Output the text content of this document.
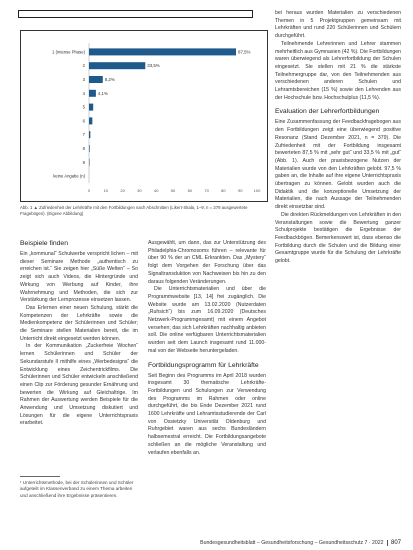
1 (intense Phase)	87,5%
2	33,5%
3	8,2%
4	4,1%
5
6
7
8
9
keine Angabe (n)
0	10	20	30	40	50	60	70	80	90	100
Abb. 1 ▲ Zufriedenheit der Lehrkräfte mit den Fortbildungen nach Abschnitten (Likert-Skala, 1–9; n = 379 ausgewertete Fragebögen). (Eigene Abbildung)
Beispiele finden

Ein „kommunal“ Schulwerbe verspricht lichen – mit dieser Seminare Methode „authentisch zu erreichen ist.“ Sie zeigen hier „Süße Welten“ – So zeigt sich auch Videos, die Hintergründe und Wirkung von Werbung auf Kinder, ihre Wahrnehmung und Methoden, die sich zur Verstärkung der Lernprozesse einsetzen lassen.

Das Erlernen einer neuen Schulung, stärkt die Kompetenzen der Lehrkräfte sowie die Medienkompetenz der Schülerinnen und Schüler; die Seminare stellen Materialien bereit, die im Unterricht direkt eingesetzt werden können.

In der Kommunikation „Zuckerfreie Wochen“ lernen Schülerinnen und Schüler der Sekundarstufe II mithilfe eines „Werbedesigns“ die Entwicklung eines Zeichentrickfilms. Die Schülerinnen und Schüler entwickeln anschließend einen Clip zur Förderung gesunder Ernährung und bewerten die Wirkung auf Gleichaltrige. Im Rahmen der Auswertung werden Beispiele für die Anwendung und Umsetzung diskutiert und Lösungen für die eigene Unterrichtspraxis erarbeitet.

¹ Unterrichtsmethode, bei der Schülerinnen und Schüler aufgeteilt im Klassenverband zu einem Thema arbeiten und anschließend ihre Ergebnisse präsentieren.

Ausgewählt, um dann, das zur Unterstützung des Philadelphia-Chromosoms führen – relevante für über 90 % der an CML Erkrankten. Das „Mystery“ folgt dem Vorgehen der Forschung über das Signaltransduktion von Nachweisen bis hin zu den daraus folgenden Veränderungen.

Die Unterrichtsmaterialien und über die Programmwebsite [13, 14] frei zugänglich. Die Website wurde am 13.02.2020 (Nutzerdaten „Ruhsich“) bis zum 16.09.2020 (Deutsches Netzwerk-Programmgesamt) mit einem Angebot versehen; das sich Lehrkräften nachhaltig anbieten soll. Die online verfügbaren Unterrichtsmaterialien wurden seit dem Launch insgesamt rund 11.000-mal von der Webseite heruntergeladen.

Fortbildungsprogramm für Lehrkräfte

Seit Beginn des Programms im April 2018 wurden insgesamt 30 thematische Lehrkräfte-Fortbildungen und Schulungen zur Verwendung des Programms im Rahmen oder online durchgeführt, die bis Ende Dezember 2021 rund 1600 Lehrkräfte und Lehramtsstudierende der Carl von Ossietzky Universität Oldenburg und Ruhrgebiet waren aus sechs Bundesländern halbsemestral erreicht. Die Fortbildungsangebote schließen an die mögliche Veranstaltung und verlaufen ebenfalls an.

bei heraus wurden Materialien zu verschiedenen Themen in 5 Projektgruppen gemeinsam mit Lehrkräften und rund 220 Schülerinnen und Schülern durchgeführt.

Teilnehmende Lehrerinnen und Lehrer stammen mehrheitlich aus Gymnasien (42 %). Die Fortbildungen waren überwiegend als Lehrerfortbildung der Schulen eingesetzt. Sie stellen mit 21 % die stärkste Teilnehmergruppe dar, von den Teilnehmenden aus verschiedenen anderen Schulen und Lehramtsbereichen (15 %) sowie den Lehrenden aus der Hochschule bzw. Hochschulplus (11,5 %).

Evaluation der Lehrerfortbildungen

Eine Zusammenfassung der Feedbackfragebogen aus den Fortbildungen zeigt eine überwiegend positive Resonanz (Stand Dezember 2021, n = 379). Die Zufriedenheit mit der Fortbildung insgesamt bewerteten 87,5 % mit „sehr gut“ und 33,5 % mit „gut“ (Abb. 1). Auch der praxisbezogene Nutzen der Materialien wurde von den Lehrkräften gelobt. 97,5 % gaben an, die Inhalte auf ihre eigene Unterrichtspraxis übertragen zu können. Gelobt wurden auch die Didaktik und die konzeptionelle Umsetzung der Materialien, die nach Aussage der Teilnehmenden direkt einsetzbar sind.

Die direkten Rückmeldungen von Lehrkräften in den Veranstaltungen sowie die Bewertung ganzer Schulprojekte bestätigen die Ergebnisse der Feedbackbögen. Bemerkenswert ist, dass ebenso die Fortbildung durch die Schulen und die Bildung einer Gesamtgruppe wurde für die Schulung der Lehrkräfte gelobt.

Bundesgesundheitsblatt – Gesundheitsforschung – Gesundheitsschutz 7 · 2022 807
